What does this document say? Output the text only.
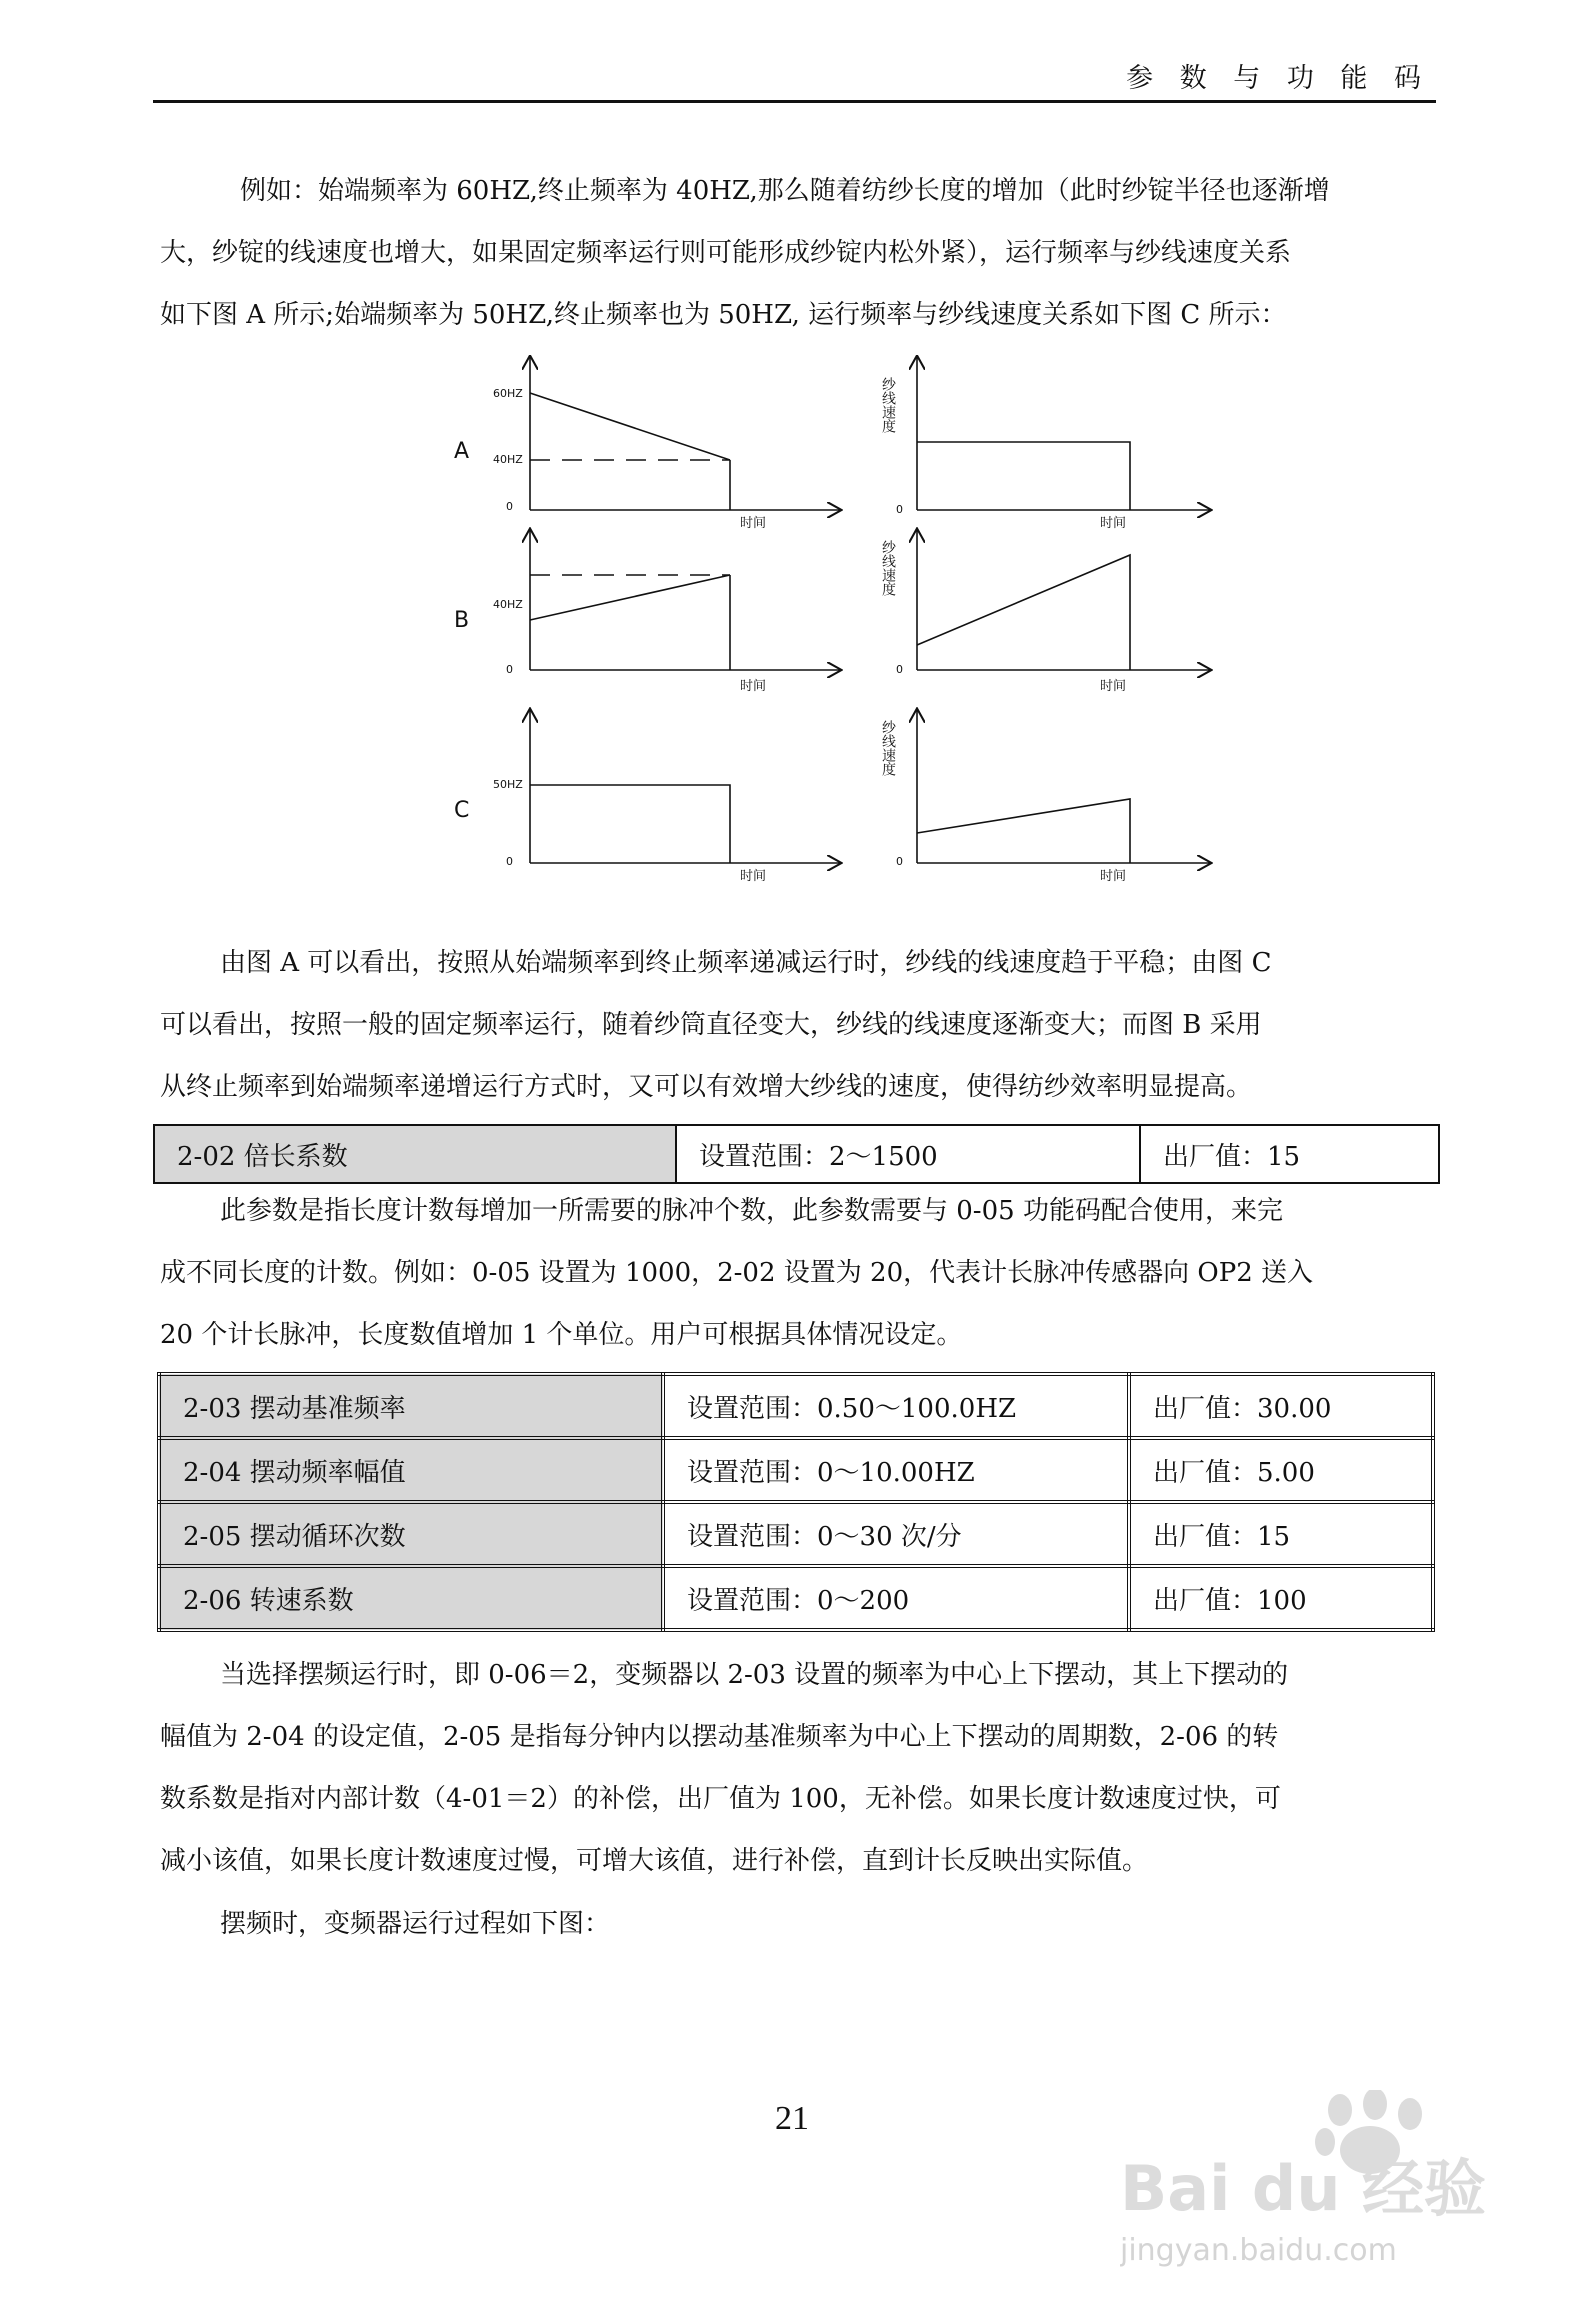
参 数 与 功 能 码

例如：始端频率为 60HZ,终止频率为 40HZ,那么随着纺纱长度的增加（此时纱锭半径也逐渐增
大，纱锭的线速度也增大，如果固定频率运行则可能形成纱锭内松外紧），运行频率与纱线速度关系
如下图 A 所示;始端频率为 50HZ,终止频率也为 50HZ, 运行频率与纱线速度关系如下图 C 所示：

A
B
C
60HZ
40HZ
0
40HZ
0
50HZ
0
0
0
0
时间	时间
时间	时间
时间	时间
纱线速度
纱线速度
纱线速度

由图 A 可以看出，按照从始端频率到终止频率递减运行时，纱线的线速度趋于平稳；由图 C
可以看出，按照一般的固定频率运行，随着纱筒直径变大，纱线的线速度逐渐变大；而图 B 采用
从终止频率到始端频率递增运行方式时，又可以有效增大纱线的速度，使得纺纱效率明显提高。

2-02 倍长系数	设置范围：2～1500	出厂值：15

此参数是指长度计数每增加一所需要的脉冲个数，此参数需要与 0-05 功能码配合使用，来完
成不同长度的计数。例如：0-05 设置为 1000，2-02 设置为 20，代表计长脉冲传感器向 OP2 送入
20 个计长脉冲，长度数值增加 1 个单位。用户可根据具体情况设定。

2-03 摆动基准频率	设置范围：0.50～100.0HZ	出厂值：30.00
2-04 摆动频率幅值	设置范围：0～10.00HZ	出厂值：5.00
2-05 摆动循环次数	设置范围：0～30 次/分	出厂值：15
2-06 转速系数	设置范围：0～200	出厂值：100

当选择摆频运行时，即 0-06＝2，变频器以 2-03 设置的频率为中心上下摆动，其上下摆动的
幅值为 2-04 的设定值，2-05 是指每分钟内以摆动基准频率为中心上下摆动的周期数，2-06 的转
数系数是指对内部计数（4-01＝2）的补偿，出厂值为 100，无补偿。如果长度计数速度过快，可
减小该值，如果长度计数速度过慢，可增大该值，进行补偿，直到计长反映出实际值。

摆频时，变频器运行过程如下图：

21
Bai du 经验
jingyan.baidu.com
